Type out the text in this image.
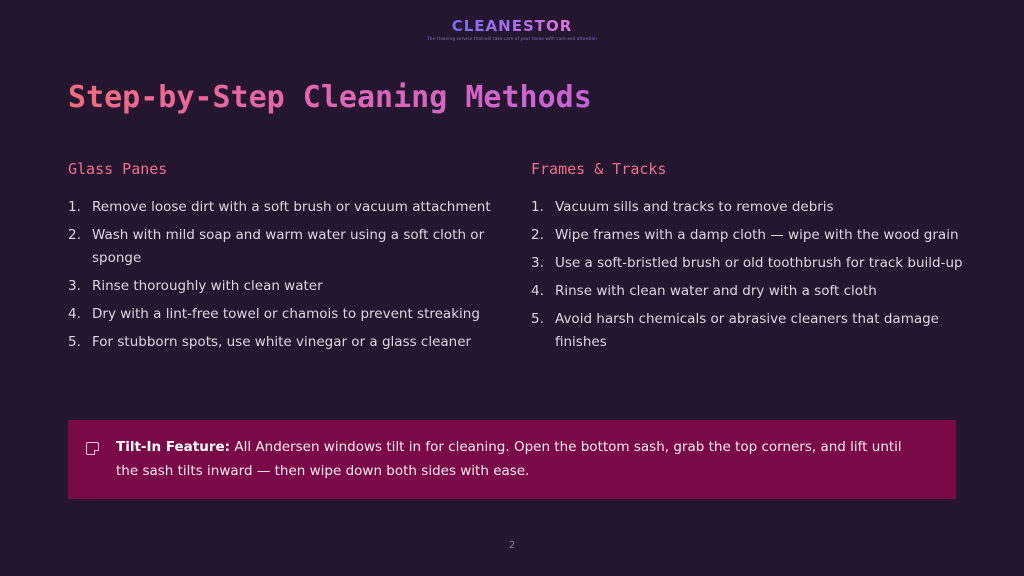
CLEANESTOR
The cleaning service that will take care of your home with care and attention
Step-by-Step Cleaning Methods
Glass Panes
1. Remove loose dirt with a soft brush or vacuum attachment
2. Wash with mild soap and warm water using a soft cloth or sponge
3. Rinse thoroughly with clean water
4. Dry with a lint-free towel or chamois to prevent streaking
5. For stubborn spots, use white vinegar or a glass cleaner
Frames & Tracks
1. Vacuum sills and tracks to remove debris
2. Wipe frames with a damp cloth — wipe with the wood grain
3. Use a soft-bristled brush or old toothbrush for track build-up
4. Rinse with clean water and dry with a soft cloth
5. Avoid harsh chemicals or abrasive cleaners that damage finishes
Tilt-In Feature: All Andersen windows tilt in for cleaning. Open the bottom sash, grab the top corners, and lift until the sash tilts inward — then wipe down both sides with ease.
2
